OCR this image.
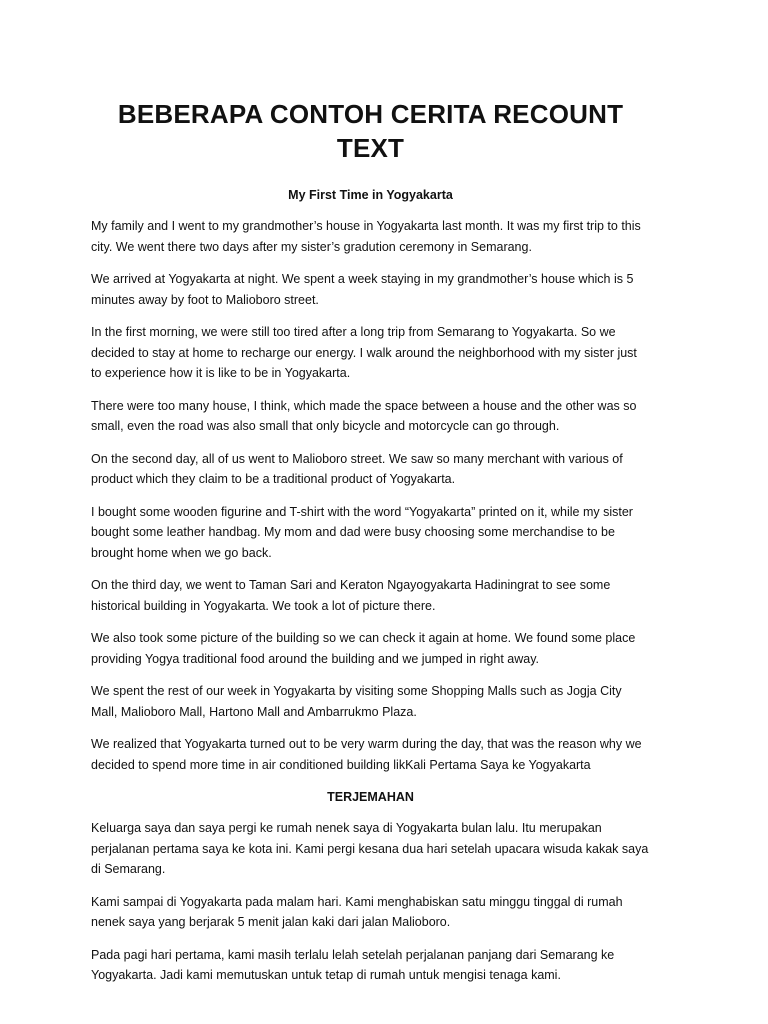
BEBERAPA CONTOH CERITA RECOUNT TEXT

My First Time in Yogyakarta

My family and I went to my grandmother’s house in Yogyakarta last month. It was my first trip to this city. We went there two days after my sister’s gradution ceremony in Semarang.

We arrived at Yogyakarta at night. We spent a week staying in my grandmother’s house which is 5 minutes away by foot to Malioboro street.

In the first morning, we were still too tired after a long trip from Semarang to Yogyakarta. So we decided to stay at home to recharge our energy. I walk around the neighborhood with my sister just to experience how it is like to be in Yogyakarta.

There were too many house, I think, which made the space between a house and the other was so small, even the road was also small that only bicycle and motorcycle can go through.

On the second day, all of us went to Malioboro street. We saw so many merchant with various of product which they claim to be a traditional product of Yogyakarta.

I bought some wooden figurine and T-shirt with the word “Yogyakarta” printed on it, while my sister bought some leather handbag. My mom and dad were busy choosing some merchandise to be brought home when we go back.

On the third day, we went to Taman Sari and Keraton Ngayogyakarta Hadiningrat to see some historical building in Yogyakarta. We took a lot of picture there.

We also took some picture of the building so we can check it again at home. We found some place providing Yogya traditional food around the building and we jumped in right away.

We spent the rest of our week in Yogyakarta by visiting some Shopping Malls such as Jogja City Mall, Malioboro Mall, Hartono Mall and Ambarrukmo Plaza.

We realized that Yogyakarta turned out to be very warm during the day, that was the reason why we decided to spend more time in air conditioned building likKali Pertama Saya ke Yogyakarta

TERJEMAHAN

Keluarga saya dan saya pergi ke rumah nenek saya di Yogyakarta bulan lalu. Itu merupakan perjalanan pertama saya ke kota ini. Kami pergi kesana dua hari setelah upacara wisuda kakak saya di Semarang.

Kami sampai di Yogyakarta pada malam hari. Kami menghabiskan satu minggu tinggal di rumah nenek saya yang berjarak 5 menit jalan kaki dari jalan Malioboro.

Pada pagi hari pertama, kami masih terlalu lelah setelah perjalanan panjang dari Semarang ke Yogyakarta. Jadi kami memutuskan untuk tetap di rumah untuk mengisi tenaga kami.
